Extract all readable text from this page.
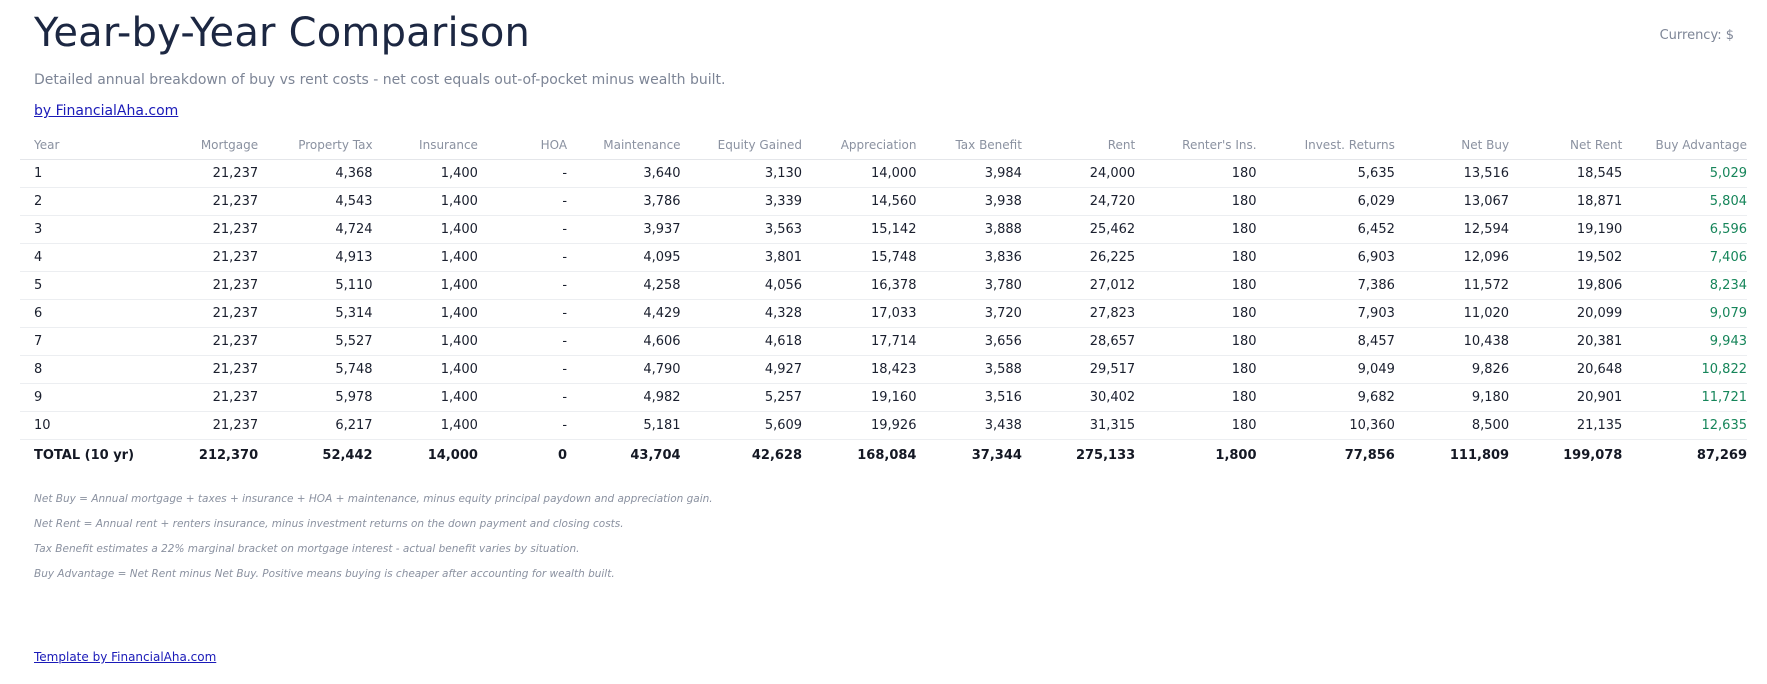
Year-by-Year Comparison	Currency: $
Detailed annual breakdown of buy vs rent costs - net cost equals out-of-pocket minus wealth built.
by FinancialAha.com
Year	Mortgage	Property Tax	Insurance	HOA	Maintenance	Equity Gained	Appreciation	Tax Benefit	Rent	Renter's Ins.	Invest. Returns	Net Buy	Net Rent	Buy Advantage
1	21,237	4,368	1,400	-	3,640	3,130	14,000	3,984	24,000	180	5,635	13,516	18,545	5,029
2	21,237	4,543	1,400	-	3,786	3,339	14,560	3,938	24,720	180	6,029	13,067	18,871	5,804
3	21,237	4,724	1,400	-	3,937	3,563	15,142	3,888	25,462	180	6,452	12,594	19,190	6,596
4	21,237	4,913	1,400	-	4,095	3,801	15,748	3,836	26,225	180	6,903	12,096	19,502	7,406
5	21,237	5,110	1,400	-	4,258	4,056	16,378	3,780	27,012	180	7,386	11,572	19,806	8,234
6	21,237	5,314	1,400	-	4,429	4,328	17,033	3,720	27,823	180	7,903	11,020	20,099	9,079
7	21,237	5,527	1,400	-	4,606	4,618	17,714	3,656	28,657	180	8,457	10,438	20,381	9,943
8	21,237	5,748	1,400	-	4,790	4,927	18,423	3,588	29,517	180	9,049	9,826	20,648	10,822
9	21,237	5,978	1,400	-	4,982	5,257	19,160	3,516	30,402	180	9,682	9,180	20,901	11,721
10	21,237	6,217	1,400	-	5,181	5,609	19,926	3,438	31,315	180	10,360	8,500	21,135	12,635
TOTAL (10 yr)	212,370	52,442	14,000	0	43,704	42,628	168,084	37,344	275,133	1,800	77,856	111,809	199,078	87,269

Net Buy = Annual mortgage + taxes + insurance + HOA + maintenance, minus equity principal paydown and appreciation gain.

Net Rent = Annual rent + renters insurance, minus investment returns on the down payment and closing costs.

Tax Benefit estimates a 22% marginal bracket on mortgage interest - actual benefit varies by situation.

Buy Advantage = Net Rent minus Net Buy. Positive means buying is cheaper after accounting for wealth built.

Template by FinancialAha.com
